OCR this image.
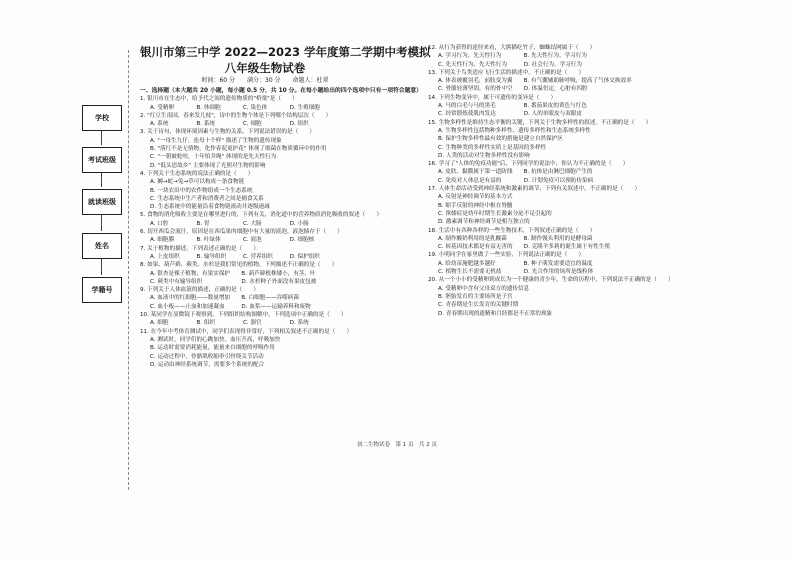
学校
考试班级
就读班级
姓名
学籍号
银川市第三中学 2022—2023 学年度第二学期中考模拟
八年级生物试卷
时间：60 分　　满分：30 分　　命题人：杜翠
一、选择题（本大题共 20 小题，每小题 0.5 分，共 10 分。在每小题给出的四个选项中只有一项符合题意）
1. 银川市在生态中，给予代之间的遗传物质的"桥梁"是（　　）
A. 受精卵　　　　B. 体细胞　　　　C. 染色体　　　　D. 生殖细胞
2. "红豆生南国，春来发几枝"，诗中的生物个体是下列哪个结构层次（　　）
A. 系统　　　　　B. 系统　　　　　C. 细胞　　　　　D. 组织
3. 关于诗句，体现环境因素与生物的关系，下列说法错误的是（　　）
A. "一母生九仔，连母十个样" 描述了生物的遗传现象
B. "落红不是无情物，化作春泥更护花" 体现了细菌在物质循环中的作用
C. "一朝被蛇咬，十年怕井绳" 体现的是先天性行为
D. "低头思故乡" 主要体现了光照对生物的影响
4. 下列关于生态系统的说法正确的是（　　）
A. 狮→蛇→兔→草可以构成一条食物链
B. 一块农田中的农作物组成一个生态系统
C. 生态系统中生产者和消费者之间是捕食关系
D. 生态系统中的能量沿着食物链流动并逐级递减
5. 食物的消化吸收主要是在哪里进行的，下列有关，消化道中的营养物质消化吸收的叙述（　　）
A. 口腔　　　　　B. 胃　　　　　　C. 大肠　　　　　D. 小肠
6. 切开西瓜会流汁，原因是在西瓜果肉细胞中有大量的液泡，液泡储存于（　　）
A. 细胞膜　　　　B. 叶绿体　　　　C. 液泡　　　　　D. 细胞核
7. 关于植物的描述，下列表述正确的是（　　）
A. 上皮组织　　　B. 输导组织　　　C. 营养组织　　　D. 保护组织
8. 如果、葫芦藓、蕨类、水杉是我们常见的植物，下列描述不正确的是（　　）
A. 银杏是裸子植物，有果实保护　　B. 葫芦藓植株矮小，有茎、叶
C. 蕨类中有输导组织　　　　　　　D. 水杉种子外面没有果皮包被
9. 下列关于人体血液的描述，正确的是（　　）
A. 血液中的红细胞——数量增加　　B. 白细胞——吞噬病菌
C. 血小板——止血和加速凝血　　　D. 血浆——运输养料和废物
10. 某同学在显微镜下观察到，下列组织结构图解中，下列选项中正确的是（　　）
A. 细胞　　　　　B. 组织　　　　　C. 器官　　　　　D. 系统
11. 在今年中考体育测试中，同学们表现得非常好，下列相关叙述不正确的是（　　）
A. 测试时，同学们的心跳加快，血压升高，呼吸加快
B. 运动时需要消耗能量，能量来自细胞的呼吸作用
C. 运动过程中，骨骼肌收缩牵引骨绕关节活动
D. 运动由神经系统调节，需要多个系统的配合
12. 从行为获得的途径来看，大熊猫吃竹子，蜘蛛结网属于（　　）
A. 学习行为、先天性行为　　　　B. 先天性行为、学习行为
C. 先天性行为、先天性行为　　　D. 社会行为、学习行为
13. 下列关于鸟类适应飞行生活的描述中，不正确的是（　　）
A. 体表被覆羽毛，前肢变为翼　　B. 有气囊辅助肺呼吸，提高了气体交换效率
C. 骨骼轻薄坚固，有的骨中空　　D. 体温恒定，心脏有四腔
14. 下列生物变异中，属于可遗传的变异是（　　）
A. 马的白毛与马的黑毛　　　　　B. 番茄果皮的黄色与红色
C. 经常锻炼使肌肉发达　　　　　D. 人的单眼皮与双眼皮
15. 生物多样性是维持生态平衡的关键，下列关于生物多样性的叙述，不正确的是（　　）
A. 生物多样性包括物种多样性、遗传多样性和生态系统多样性
B. 保护生物多样性最有效的措施是建立自然保护区
C. 生物种类的多样性实质上是基因的多样性
D. 人类的活动对生物多样性没有影响
16. 学习了"人体的免疫功能"后，下列同学的说法中，你认为不正确的是（　　）
A. 皮肤、黏膜属于第一道防线　　B. 抗体是由淋巴细胞产生的
C. 免疫对人体总是有益的　　　　D. 计划免疫可以预防传染病
17. 人体生命活动受到神经系统和激素的调节，下列有关叙述中，不正确的是（　　）
A. 反射是神经调节的基本方式
B. 缩手反射的神经中枢在脊髓
C. 侏儒症是幼年时期生长激素分泌不足引起的
D. 激素调节和神经调节是相互独立的
18. 生活中有各种各样的一些生物技术，下列叙述正确的是（　　）
A. 制作酸奶利用的是乳酸菌　　　B. 制作馒头利用的是酵母菌
C. 转基因技术都是有益无害的　　D. 克隆羊多莉的诞生属于有性生殖
19. 小明同学在家里做了一些实验，下列说法正确的是（　　）
A. 给幼苗施肥越多越好　　　　　B. 种子萌发需要适宜的温度
C. 植物生长不需要无机盐　　　　D. 光合作用的场所是线粒体
20. 从一个小小的受精卵到成长为一个健康的青少年，生命的历程中，下列说法不正确的是（　　）
A. 受精卵中含有父母双方的遗传信息
B. 胚胎发育的主要场所是子宫
C. 青春期是生长发育的关键时期
D. 青春期出现的遗精和月经都是不正常的现象
初二生物试卷　第 1 页　共 2 页
